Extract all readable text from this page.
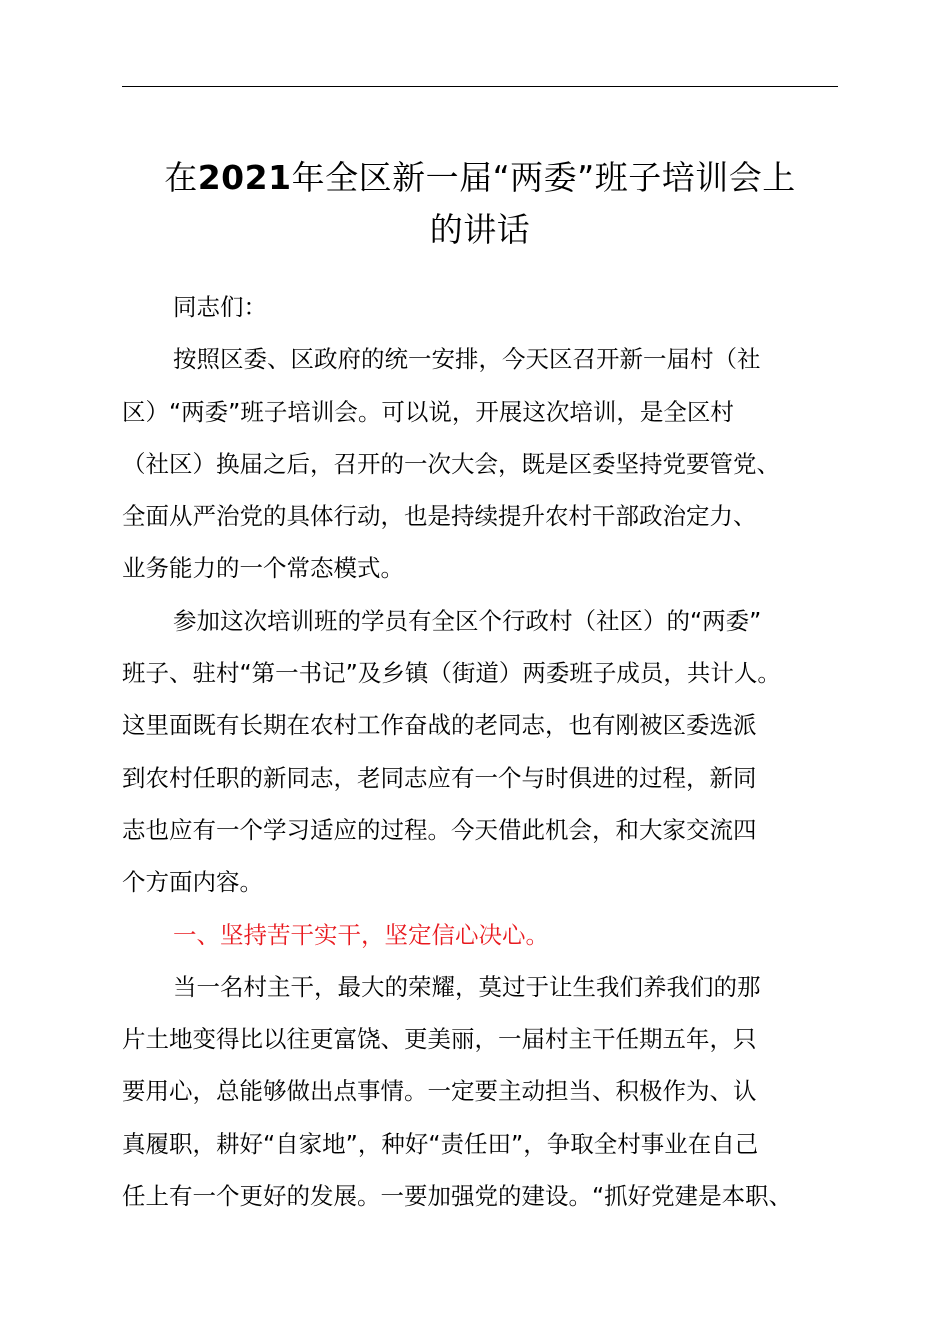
在2021年全区新一届“两委”班子培训会上
的讲话
同志们：
按照区委、区政府的统一安排，今天区召开新一届村（社
区）“两委”班子培训会。可以说，开展这次培训，是全区村
（社区）换届之后，召开的一次大会，既是区委坚持党要管党、
全面从严治党的具体行动，也是持续提升农村干部政治定力、
业务能力的一个常态模式。
参加这次培训班的学员有全区个行政村（社区）的“两委”
班子、驻村“第一书记”及乡镇（街道）两委班子成员，共计人。
这里面既有长期在农村工作奋战的老同志，也有刚被区委选派
到农村任职的新同志，老同志应有一个与时俱进的过程，新同
志也应有一个学习适应的过程。今天借此机会，和大家交流四
个方面内容。
一、坚持苦干实干，坚定信心决心。
当一名村主干，最大的荣耀，莫过于让生我们养我们的那
片土地变得比以往更富饶、更美丽，一届村主干任期五年，只
要用心，总能够做出点事情。一定要主动担当、积极作为、认
真履职，耕好“自家地”，种好“责任田”，争取全村事业在自己
任上有一个更好的发展。一要加强党的建设。“抓好党建是本职、
